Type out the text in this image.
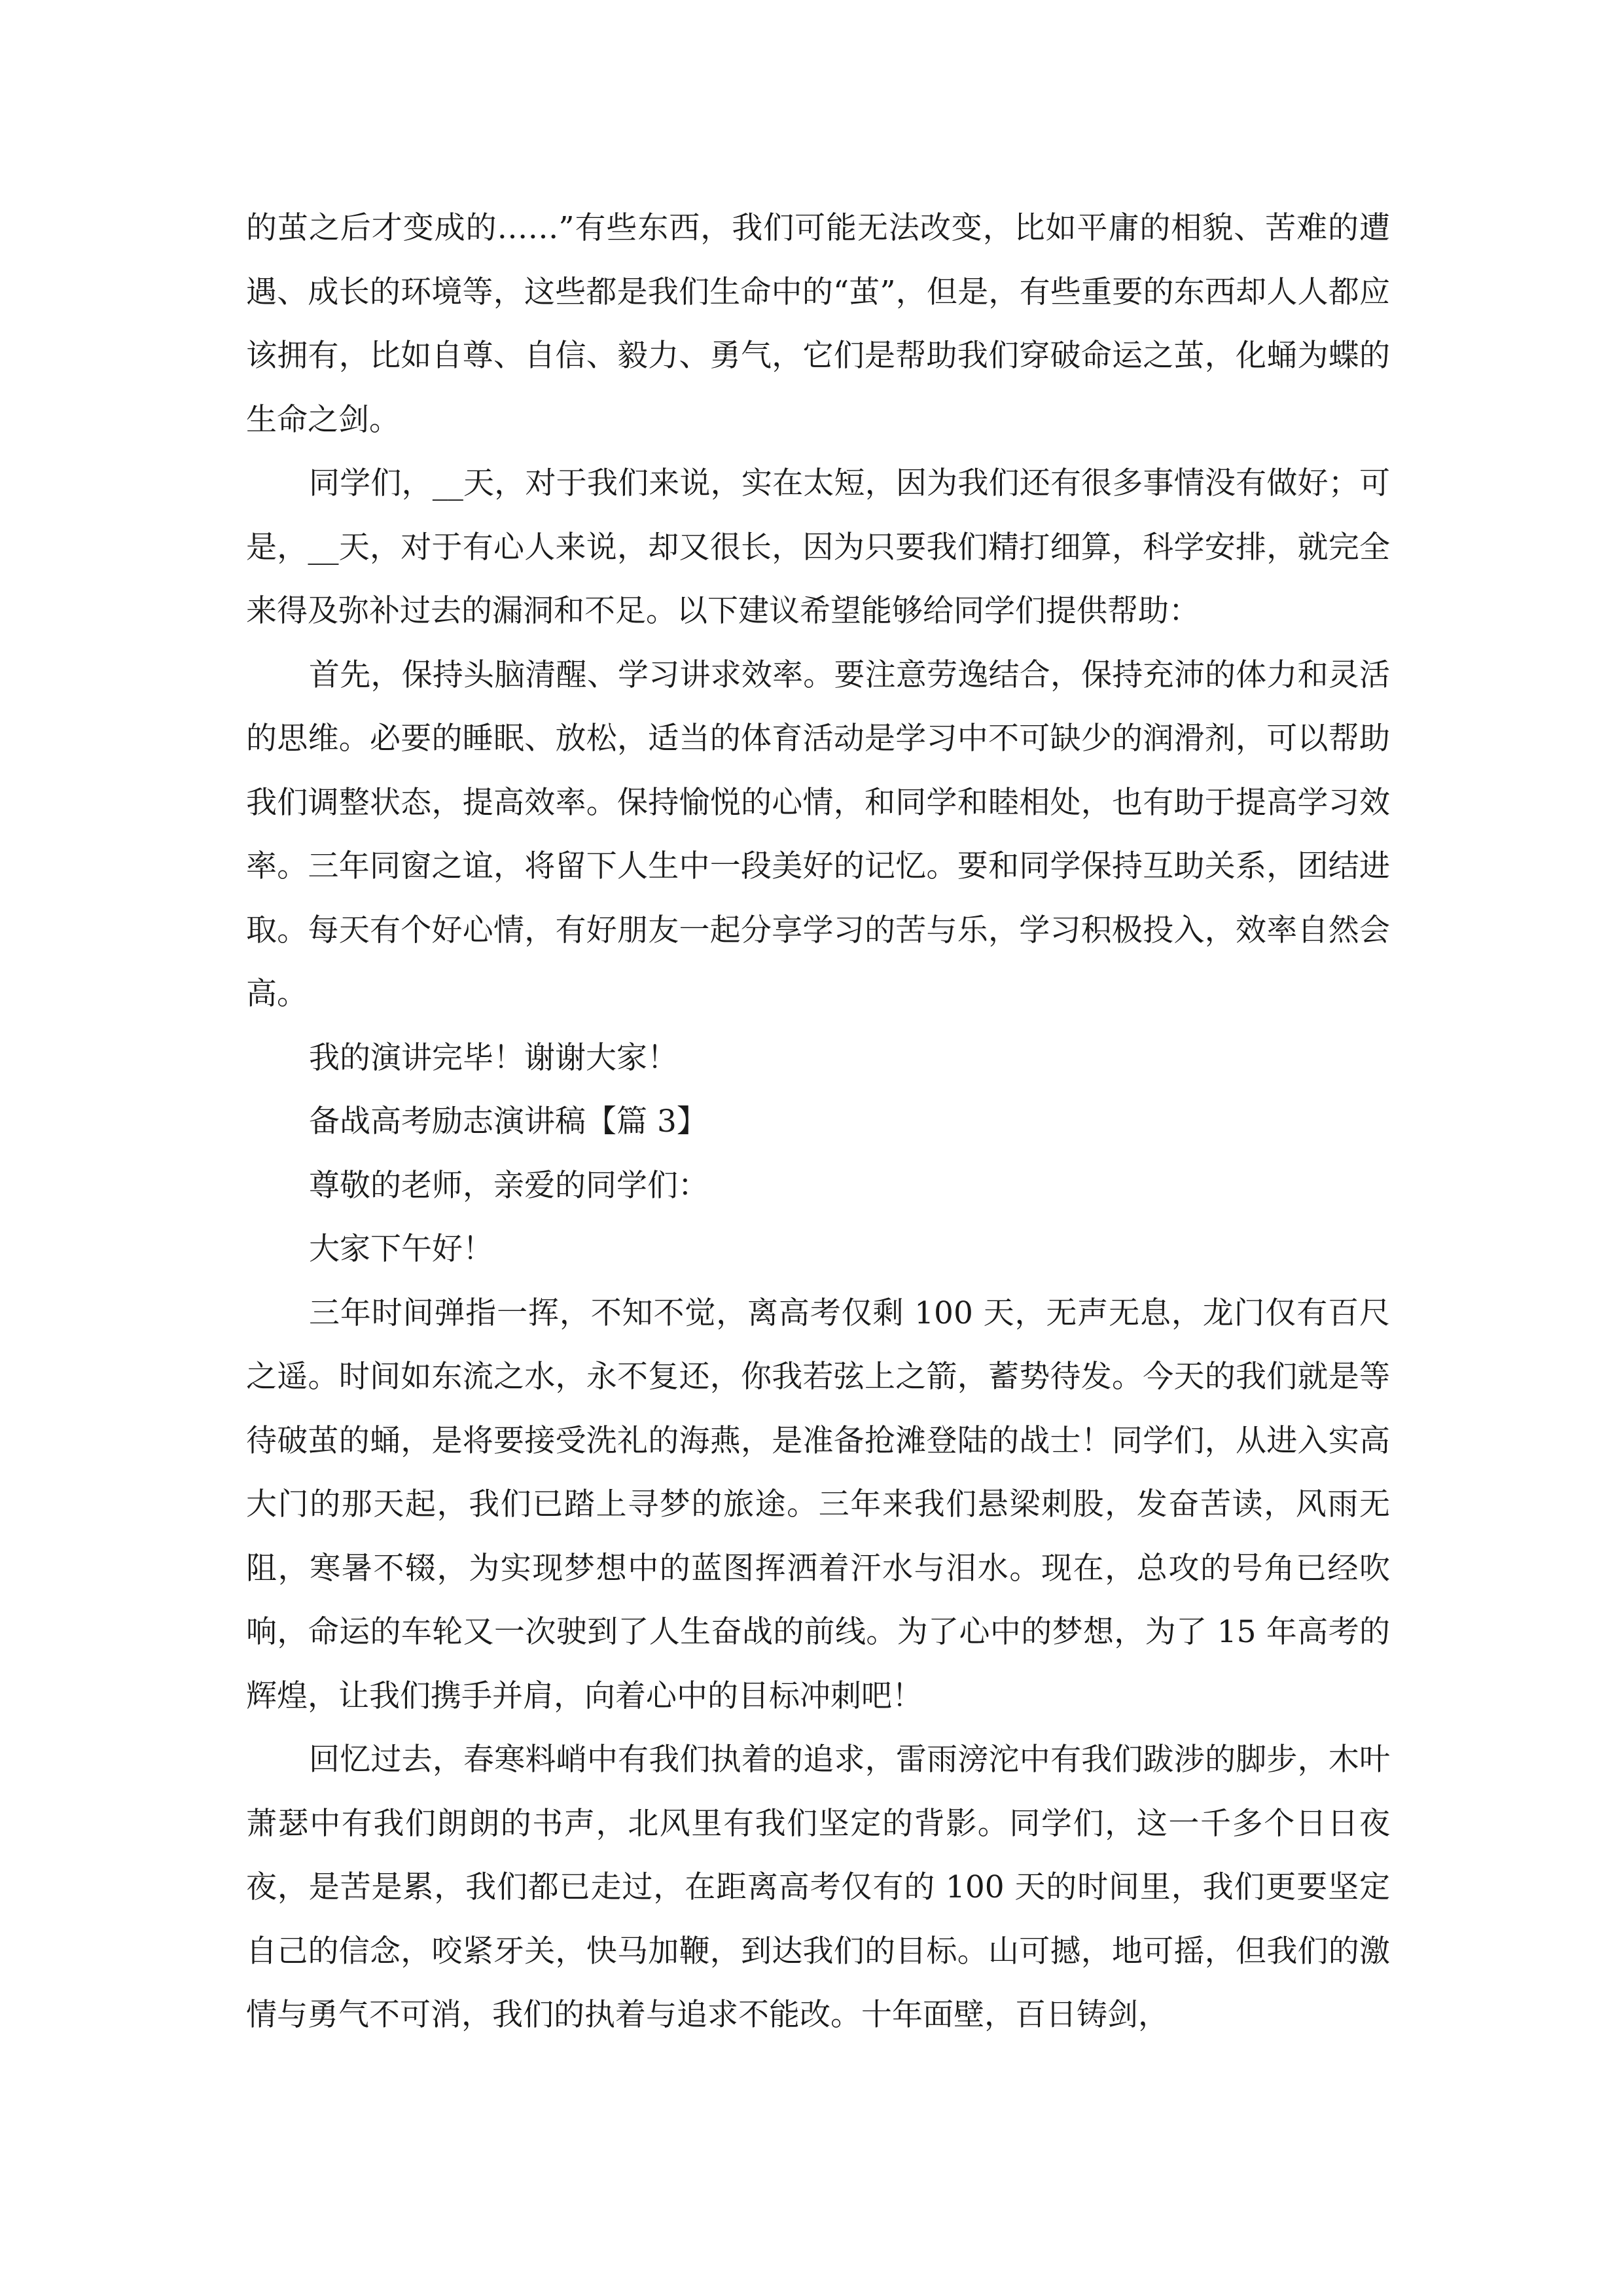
的茧之后才变成的……”有些东西，我们可能无法改变，比如平庸的相貌、苦难的遭遇、成长的环境等，这些都是我们生命中的“茧”，但是，有些重要的东西却人人都应该拥有，比如自尊、自信、毅力、勇气，它们是帮助我们穿破命运之茧，化蛹为蝶的生命之剑。

同学们，__天，对于我们来说，实在太短，因为我们还有很多事情没有做好；可是，__天，对于有心人来说，却又很长，因为只要我们精打细算，科学安排，就完全来得及弥补过去的漏洞和不足。以下建议希望能够给同学们提供帮助：

首先，保持头脑清醒、学习讲求效率。要注意劳逸结合，保持充沛的体力和灵活的思维。必要的睡眠、放松，适当的体育活动是学习中不可缺少的润滑剂，可以帮助我们调整状态，提高效率。保持愉悦的心情，和同学和睦相处，也有助于提高学习效率。三年同窗之谊，将留下人生中一段美好的记忆。要和同学保持互助关系，团结进取。每天有个好心情，有好朋友一起分享学习的苦与乐，学习积极投入，效率自然会高。

我的演讲完毕！谢谢大家！

备战高考励志演讲稿【篇 3】

尊敬的老师，亲爱的同学们：

大家下午好！

三年时间弹指一挥，不知不觉，离高考仅剩 100 天，无声无息，龙门仅有百尺之遥。时间如东流之水，永不复还，你我若弦上之箭，蓄势待发。今天的我们就是等待破茧的蛹，是将要接受洗礼的海燕，是准备抢滩登陆的战士！同学们，从进入实高大门的那天起，我们已踏上寻梦的旅途。三年来我们悬梁刺股，发奋苦读，风雨无阻，寒暑不辍，为实现梦想中的蓝图挥洒着汗水与泪水。现在，总攻的号角已经吹响，命运的车轮又一次驶到了人生奋战的前线。为了心中的梦想，为了 15 年高考的辉煌，让我们携手并肩，向着心中的目标冲刺吧！

回忆过去，春寒料峭中有我们执着的追求，雷雨滂沱中有我们跋涉的脚步，木叶萧瑟中有我们朗朗的书声，北风里有我们坚定的背影。同学们，这一千多个日日夜夜，是苦是累，我们都已走过，在距离高考仅有的 100 天的时间里，我们更要坚定自己的信念，咬紧牙关，快马加鞭，到达我们的目标。山可撼，地可摇，但我们的激情与勇气不可消，我们的执着与追求不能改。十年面壁，百日铸剑，
